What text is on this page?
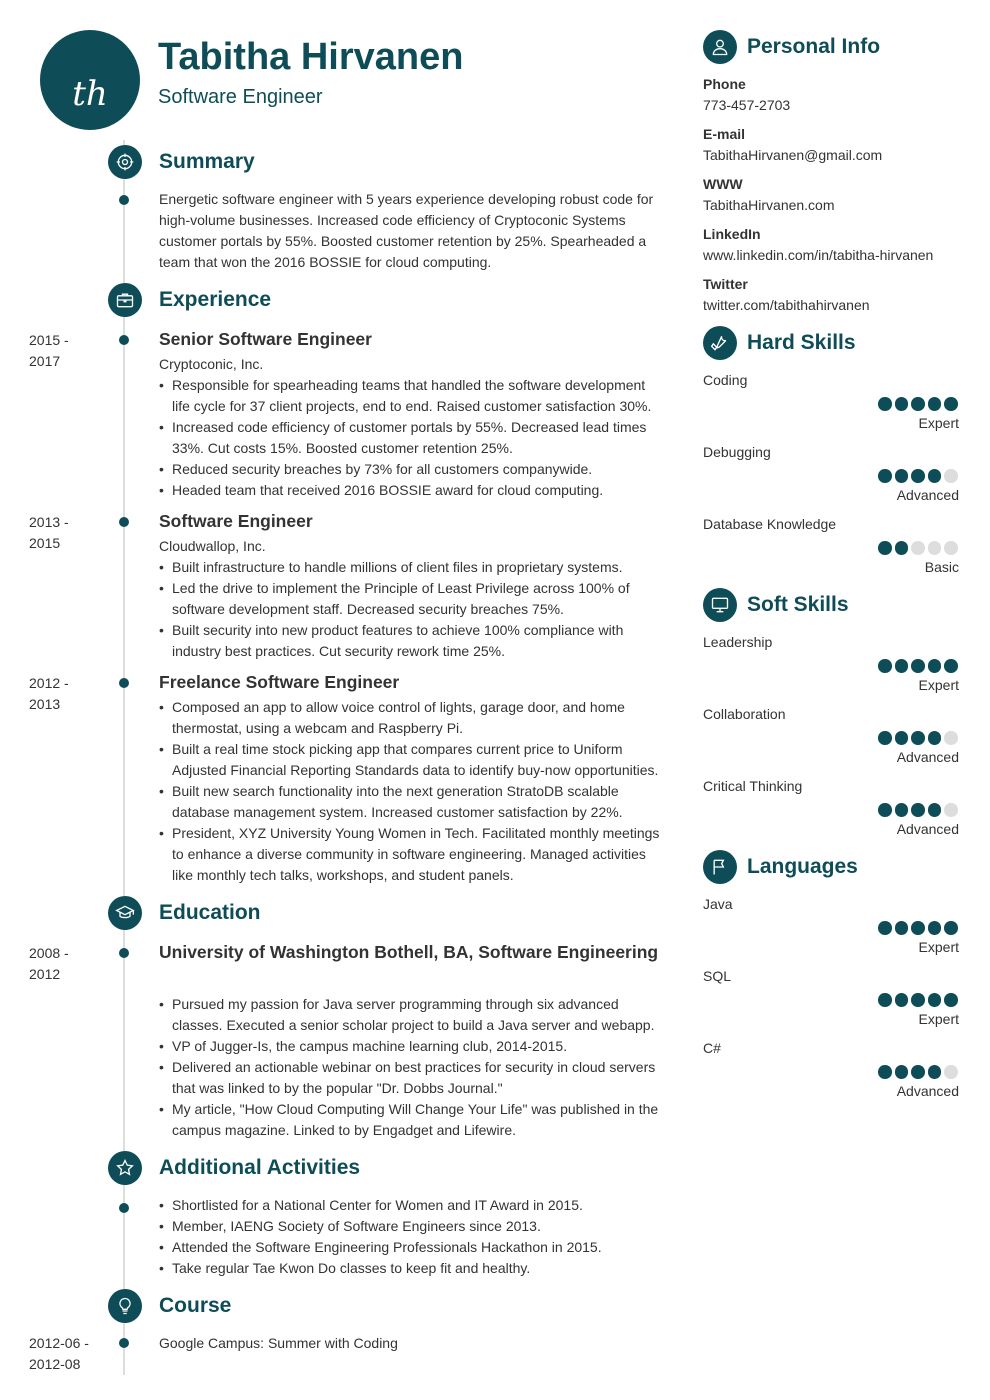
th
Tabitha Hirvanen
Software Engineer
Summary
Energetic software engineer with 5 years experience developing robust code for high-volume businesses. Increased code efficiency of Cryptoconic Systems customer portals by 55%. Boosted customer retention by 25%. Spearheaded a team that won the 2016 BOSSIE for cloud computing.
Experience
2015 -
2017
Senior Software Engineer
Cryptoconic, Inc.
• Responsible for spearheading teams that handled the software development life cycle for 37 client projects, end to end. Raised customer satisfaction 30%.
• Increased code efficiency of customer portals by 55%. Decreased lead times 33%. Cut costs 15%. Boosted customer retention 25%.
• Reduced security breaches by 73% for all customers companywide.
• Headed team that received 2016 BOSSIE award for cloud computing.
2013 -
2015
Software Engineer
Cloudwallop, Inc.
• Built infrastructure to handle millions of client files in proprietary systems.
• Led the drive to implement the Principle of Least Privilege across 100% of software development staff. Decreased security breaches 75%.
• Built security into new product features to achieve 100% compliance with industry best practices. Cut security rework time 25%.
2012 -
2013
Freelance Software Engineer
• Composed an app to allow voice control of lights, garage door, and home thermostat, using a webcam and Raspberry Pi.
• Built a real time stock picking app that compares current price to Uniform Adjusted Financial Reporting Standards data to identify buy-now opportunities.
• Built new search functionality into the next generation StratoDB scalable database management system. Increased customer satisfaction by 22%.
• President, XYZ University Young Women in Tech. Facilitated monthly meetings to enhance a diverse community in software engineering. Managed activities like monthly tech talks, workshops, and student panels.
Education
2008 -
2012
University of Washington Bothell, BA, Software Engineering
• Pursued my passion for Java server programming through six advanced classes. Executed a senior scholar project to build a Java server and webapp.
• VP of Jugger-Is, the campus machine learning club, 2014-2015.
• Delivered an actionable webinar on best practices for security in cloud servers that was linked to by the popular "Dr. Dobbs Journal."
• My article, "How Cloud Computing Will Change Your Life" was published in the campus magazine. Linked to by Engadget and Lifewire.
Additional Activities
• Shortlisted for a National Center for Women and IT Award in 2015.
• Member, IAENG Society of Software Engineers since 2013.
• Attended the Software Engineering Professionals Hackathon in 2015.
• Take regular Tae Kwon Do classes to keep fit and healthy.
Course
2012-06 -
2012-08
Google Campus: Summer with Coding
Personal Info
Phone
773-457-2703
E-mail
TabithaHirvanen@gmail.com
WWW
TabithaHirvanen.com
LinkedIn
www.linkedin.com/in/tabitha-hirvanen
Twitter
twitter.com/tabithahirvanen
Hard Skills
Coding
Expert
Debugging
Advanced
Database Knowledge
Basic
Soft Skills
Leadership
Expert
Collaboration
Advanced
Critical Thinking
Advanced
Languages
Java
Expert
SQL
Expert
C#
Advanced
